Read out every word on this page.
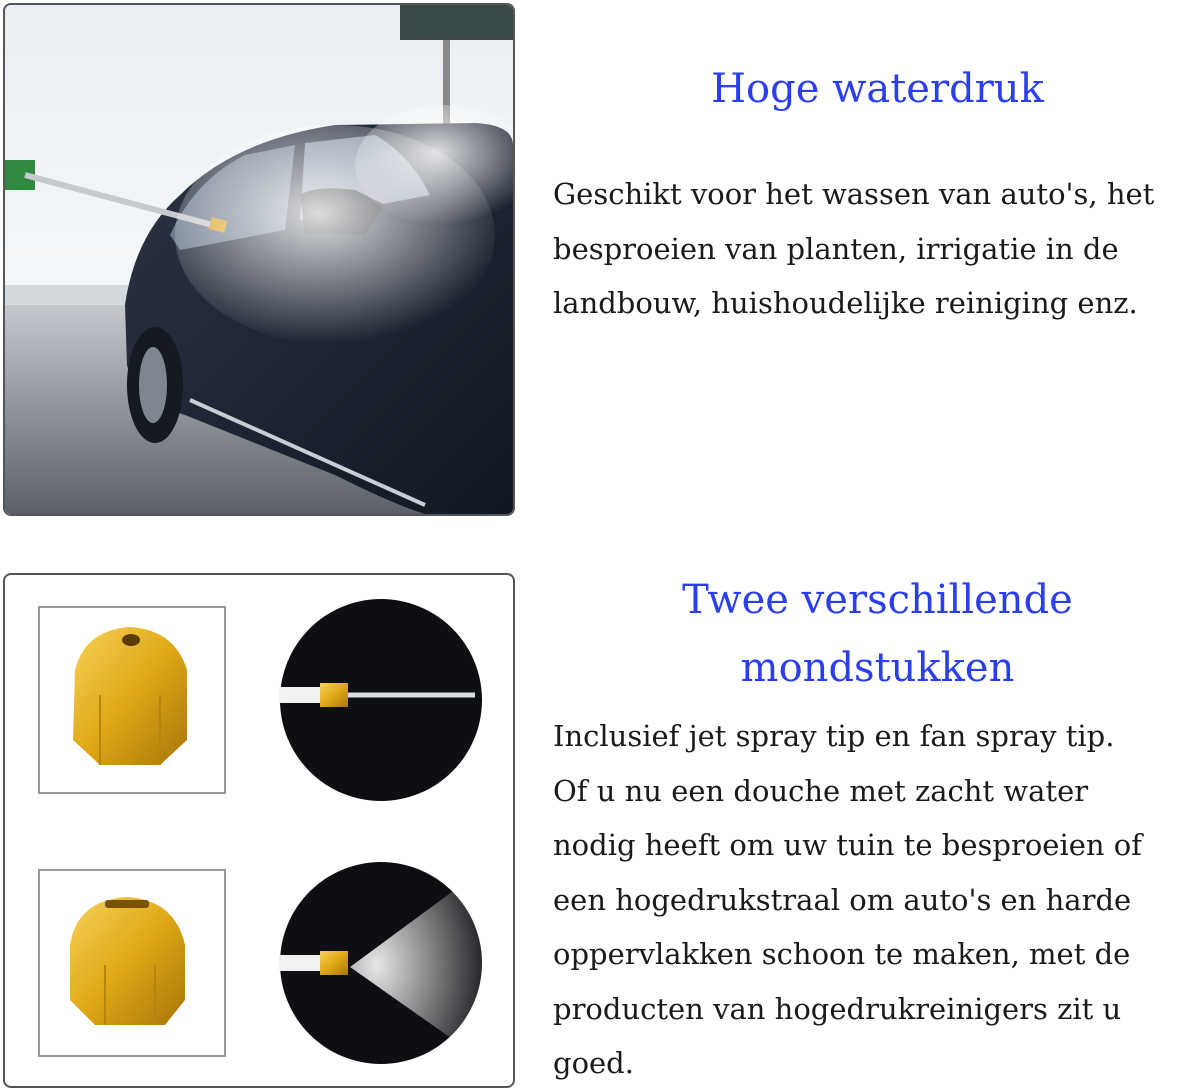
Hoge waterdruk

Geschikt voor het wassen van auto's, het
besproeien van planten, irrigatie in de
landbouw, huishoudelijke reiniging enz.

Twee verschillende
mondstukken

Inclusief jet spray tip en fan spray tip.
Of u nu een douche met zacht water
nodig heeft om uw tuin te besproeien of
een hogedrukstraal om auto's en harde
oppervlakken schoon te maken, met de
producten van hogedrukreinigers zit u
goed.
